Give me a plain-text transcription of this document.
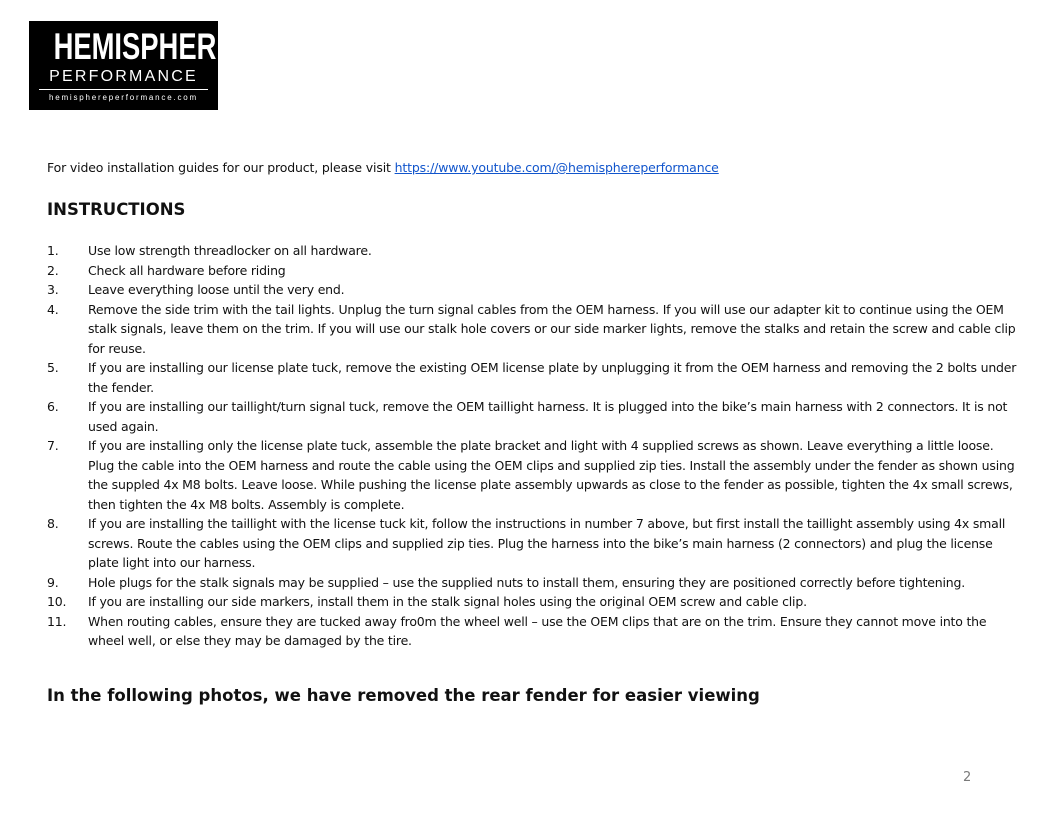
HEMISPHERE
PERFORMANCE
hemisphereperformance.com
For video installation guides for our product, please visit https://www.youtube.com/@hemisphereperformance
INSTRUCTIONS
1. Use low strength threadlocker on all hardware.
2. Check all hardware before riding
3. Leave everything loose until the very end.
4. Remove the side trim with the tail lights. Unplug the turn signal cables from the OEM harness. If you will use our adapter kit to continue using the OEM stalk signals, leave them on the trim. If you will use our stalk hole covers or our side marker lights, remove the stalks and retain the screw and cable clip for reuse.
5. If you are installing our license plate tuck, remove the existing OEM license plate by unplugging it from the OEM harness and removing the 2 bolts under the fender.
6. If you are installing our taillight/turn signal tuck, remove the OEM taillight harness. It is plugged into the bike’s main harness with 2 connectors. It is not used again.
7. If you are installing only the license plate tuck, assemble the plate bracket and light with 4 supplied screws as shown. Leave everything a little loose. Plug the cable into the OEM harness and route the cable using the OEM clips and supplied zip ties. Install the assembly under the fender as shown using the suppled 4x M8 bolts. Leave loose. While pushing the license plate assembly upwards as close to the fender as possible, tighten the 4x small screws, then tighten the 4x M8 bolts. Assembly is complete.
8. If you are installing the taillight with the license tuck kit, follow the instructions in number 7 above, but first install the taillight assembly using 4x small screws. Route the cables using the OEM clips and supplied zip ties. Plug the harness into the bike’s main harness (2 connectors) and plug the license plate light into our harness.
9. Hole plugs for the stalk signals may be supplied – use the supplied nuts to install them, ensuring they are positioned correctly before tightening.
10. If you are installing our side markers, install them in the stalk signal holes using the original OEM screw and cable clip.
11. When routing cables, ensure they are tucked away fro0m the wheel well – use the OEM clips that are on the trim. Ensure they cannot move into the wheel well, or else they may be damaged by the tire.
In the following photos, we have removed the rear fender for easier viewing
2
